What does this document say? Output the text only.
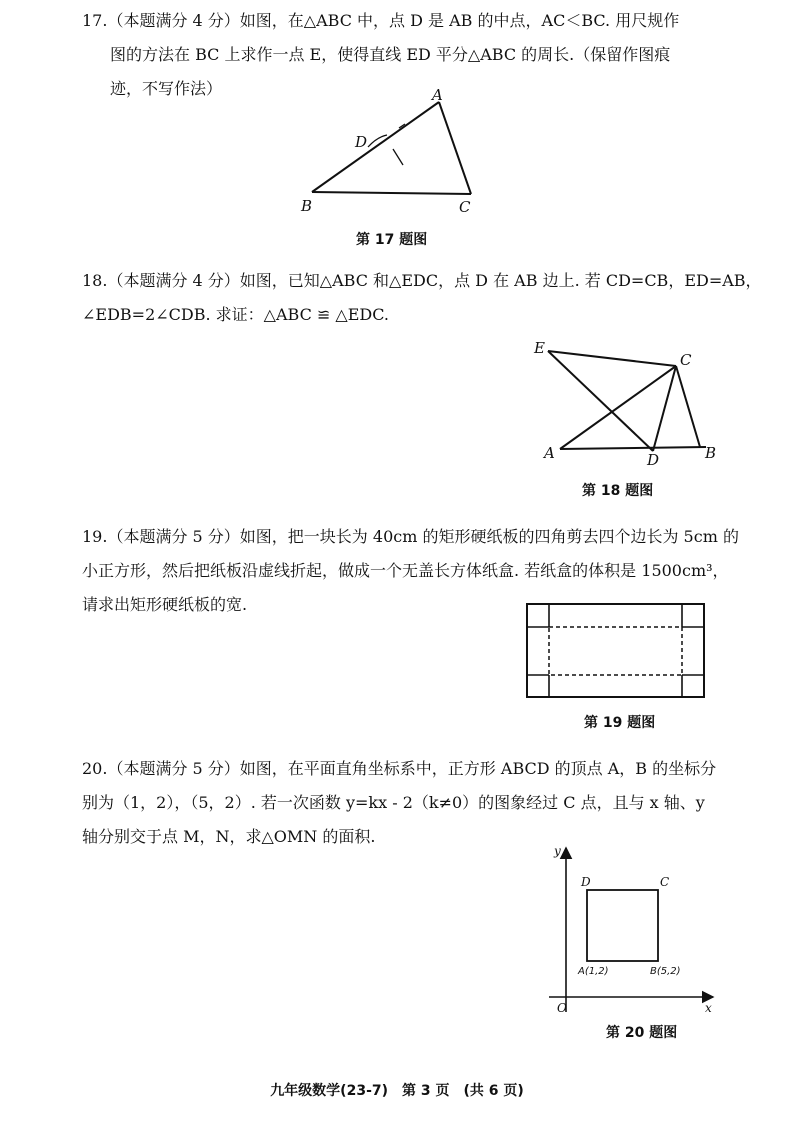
17.（本题满分 4 分）如图，在△ABC 中，点 D 是 AB 的中点，AC＜BC. 用尺规作
图的方法在 BC 上求作一点 E，使得直线 ED 平分△ABC 的周长.（保留作图痕
迹，不写作法）	A
D
B	C
第 17 题图
18.（本题满分 4 分）如图，已知△ABC 和△EDC，点 D 在 AB 边上. 若 CD=CB，ED=AB，
∠EDB=2∠CDB. 求证：△ABC ≌ △EDC.
E
C
A	D	B
第 18 题图
19.（本题满分 5 分）如图，把一块长为 40cm 的矩形硬纸板的四角剪去四个边长为 5cm 的
小正方形，然后把纸板沿虚线折起，做成一个无盖长方体纸盒. 若纸盒的体积是 1500cm³，
请求出矩形硬纸板的宽.
第 19 题图
20.（本题满分 5 分）如图，在平面直角坐标系中，正方形 ABCD 的顶点 A，B 的坐标分
别为（1，2），（5，2）. 若一次函数 y=kx - 2（k≠0）的图象经过 C 点，且与 x 轴、y
轴分别交于点 M，N，求△OMN 的面积.
y
x
O
D	C
A(1,2)	B(5,2)
第 20 题图
九年级数学(23-7)　第 3 页　(共 6 页)
